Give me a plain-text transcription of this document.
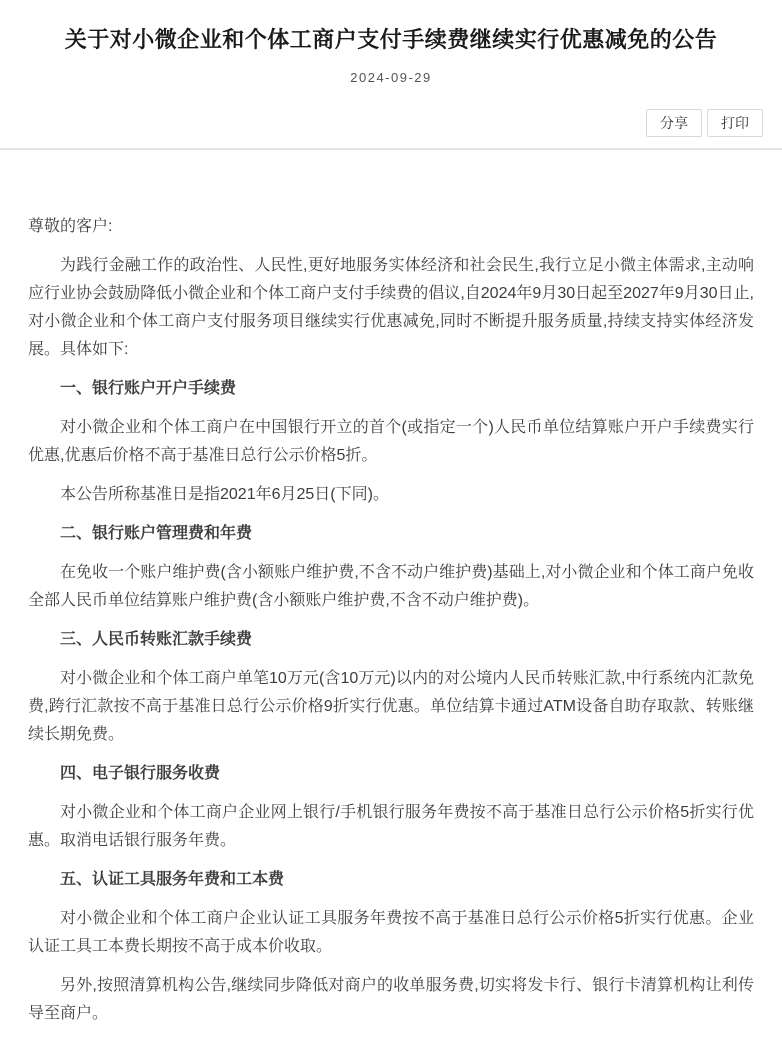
关于对小微企业和个体工商户支付手续费继续实行优惠减免的公告
2024-09-29
分享	打印

尊敬的客户:

为践行金融工作的政治性、人民性,更好地服务实体经济和社会民生,我行立足小微主体需求,主动响应行业协会鼓励降低小微企业和个体工商户支付手续费的倡议,自2024年9月30日起至2027年9月30日止,对小微企业和个体工商户支付服务项目继续实行优惠减免,同时不断提升服务质量,持续支持实体经济发展。具体如下:

一、银行账户开户手续费

对小微企业和个体工商户在中国银行开立的首个(或指定一个)人民币单位结算账户开户手续费实行优惠,优惠后价格不高于基准日总行公示价格5折。

本公告所称基准日是指2021年6月25日(下同)。

二、银行账户管理费和年费

在免收一个账户维护费(含小额账户维护费,不含不动户维护费)基础上,对小微企业和个体工商户免收全部人民币单位结算账户维护费(含小额账户维护费,不含不动户维护费)。

三、人民币转账汇款手续费

对小微企业和个体工商户单笔10万元(含10万元)以内的对公境内人民币转账汇款,中行系统内汇款免费,跨行汇款按不高于基准日总行公示价格9折实行优惠。单位结算卡通过ATM设备自助存取款、转账继续长期免费。

四、电子银行服务收费

对小微企业和个体工商户企业网上银行/手机银行服务年费按不高于基准日总行公示价格5折实行优惠。取消电话银行服务年费。

五、认证工具服务年费和工本费

对小微企业和个体工商户企业认证工具服务年费按不高于基准日总行公示价格5折实行优惠。企业认证工具工本费长期按不高于成本价收取。

另外,按照清算机构公告,继续同步降低对商户的收单服务费,切实将发卡行、银行卡清算机构让利传导至商户。
